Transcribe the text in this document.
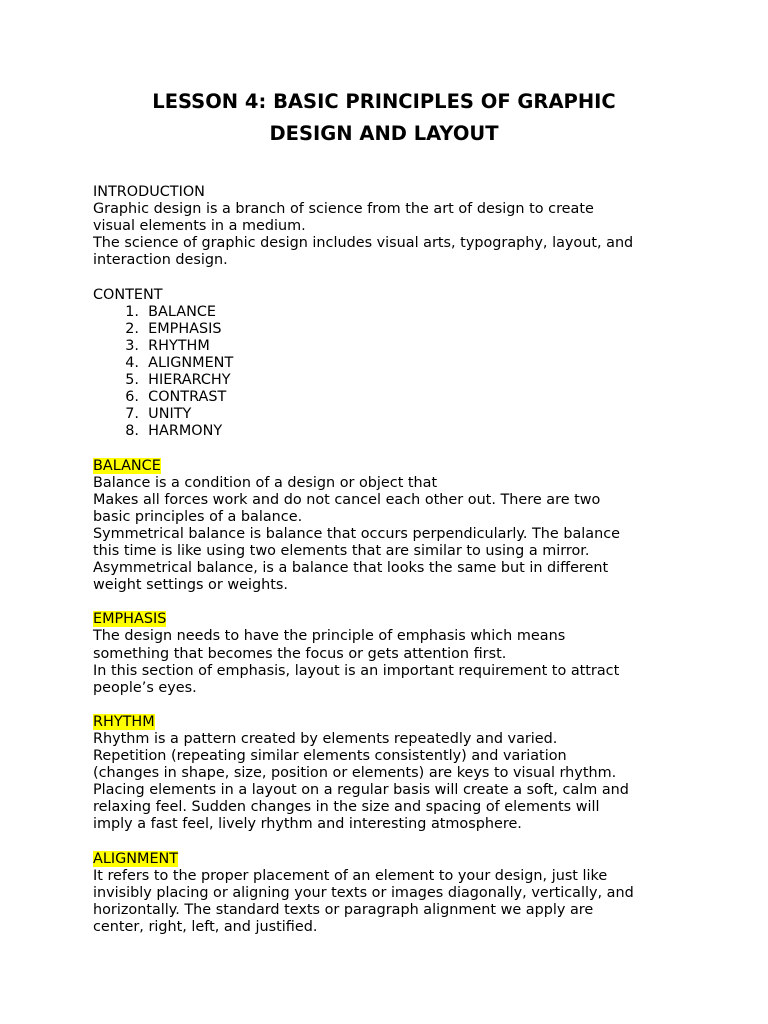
LESSON 4: BASIC PRINCIPLES OF GRAPHIC
DESIGN AND LAYOUT
INTRODUCTION
Graphic design is a branch of science from the art of design to create
visual elements in a medium.
The science of graphic design includes visual arts, typography, layout, and
interaction design.
CONTENT
1. BALANCE
2. EMPHASIS
3. RHYTHM
4. ALIGNMENT
5. HIERARCHY
6. CONTRAST
7. UNITY
8. HARMONY
BALANCE
Balance is a condition of a design or object that
Makes all forces work and do not cancel each other out. There are two
basic principles of a balance.
Symmetrical balance is balance that occurs perpendicularly. The balance
this time is like using two elements that are similar to using a mirror.
Asymmetrical balance, is a balance that looks the same but in different
weight settings or weights.
EMPHASIS
The design needs to have the principle of emphasis which means
something that becomes the focus or gets attention first.
In this section of emphasis, layout is an important requirement to attract
people’s eyes.
RHYTHM
Rhythm is a pattern created by elements repeatedly and varied.
Repetition (repeating similar elements consistently) and variation
(changes in shape, size, position or elements) are keys to visual rhythm.
Placing elements in a layout on a regular basis will create a soft, calm and
relaxing feel. Sudden changes in the size and spacing of elements will
imply a fast feel, lively rhythm and interesting atmosphere.
ALIGNMENT
It refers to the proper placement of an element to your design, just like
invisibly placing or aligning your texts or images diagonally, vertically, and
horizontally. The standard texts or paragraph alignment we apply are
center, right, left, and justified.
